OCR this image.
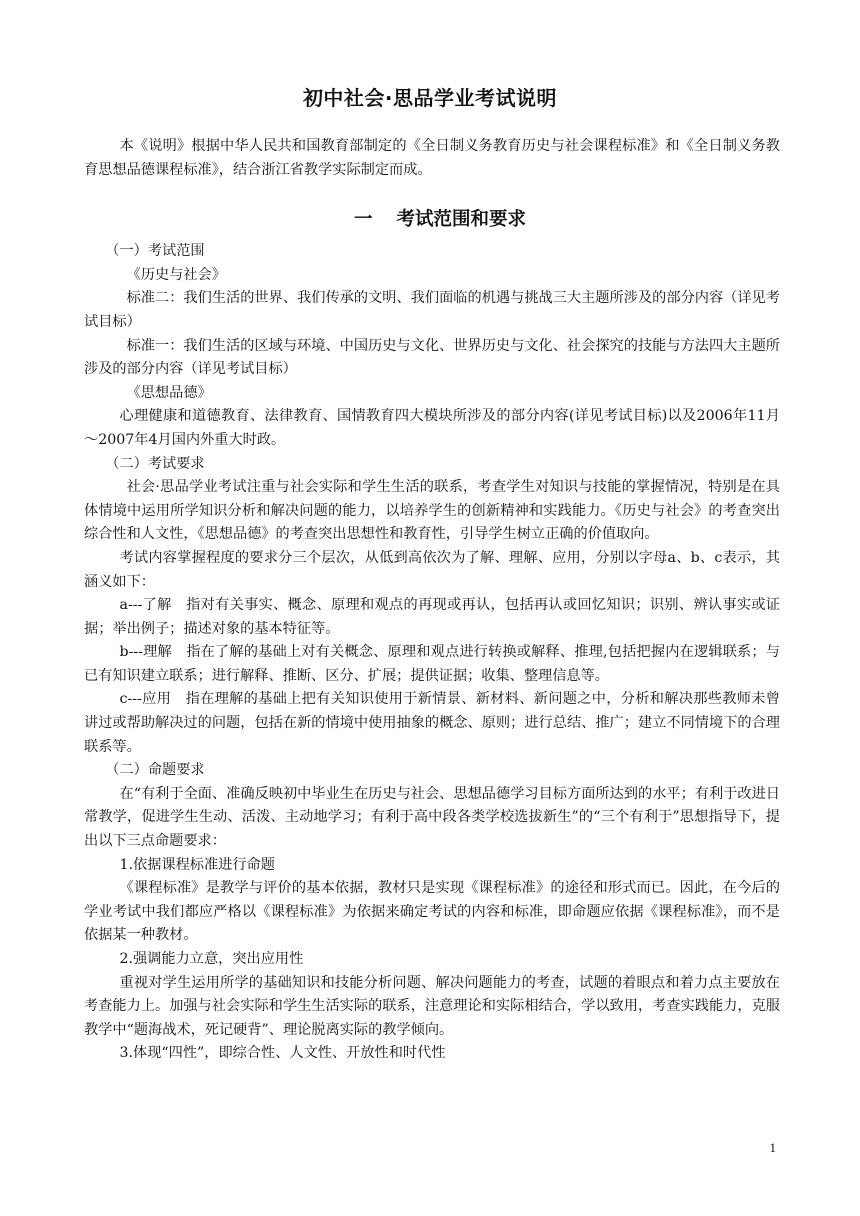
初中社会·思品学业考试说明

本《说明》根据中华人民共和国教育部制定的《全日制义务教育历史与社会课程标准》和《全日制义务教育思想品德课程标准》，结合浙江省教学实际制定而成。

一 考试范围和要求

（一）考试范围

《历史与社会》

标准二：我们生活的世界、我们传承的文明、我们面临的机遇与挑战三大主题所涉及的部分内容（详见考试目标）

标准一：我们生活的区域与环境、中国历史与文化、世界历史与文化、社会探究的技能与方法四大主题所涉及的部分内容（详见考试目标）

《思想品德》

心理健康和道德教育、法律教育、国情教育四大模块所涉及的部分内容(详见考试目标)以及2006年11月～2007年4月国内外重大时政。

（二）考试要求

社会·思品学业考试注重与社会实际和学生生活的联系，考查学生对知识与技能的掌握情况，特别是在具体情境中运用所学知识分析和解决问题的能力，以培养学生的创新精神和实践能力。《历史与社会》的考查突出综合性和人文性，《思想品德》的考查突出思想性和教育性，引导学生树立正确的价值取向。

考试内容掌握程度的要求分三个层次，从低到高依次为了解、理解、应用，分别以字母a、b、c表示，其涵义如下：

a---了解　指对有关事实、概念、原理和观点的再现或再认，包括再认或回忆知识；识别、辨认事实或证据；举出例子；描述对象的基本特征等。

b---理解　指在了解的基础上对有关概念、原理和观点进行转换或解释、推理,包括把握内在逻辑联系；与已有知识建立联系；进行解释、推断、区分、扩展；提供证据；收集、整理信息等。

c---应用　指在理解的基础上把有关知识使用于新情景、新材料、新问题之中，分析和解决那些教师未曾讲过或帮助解决过的问题，包括在新的情境中使用抽象的概念、原则；进行总结、推广；建立不同情境下的合理联系等。

（二）命题要求

在“有利于全面、准确反映初中毕业生在历史与社会、思想品德学习目标方面所达到的水平；有利于改进日常教学，促进学生生动、活泼、主动地学习；有利于高中段各类学校选拔新生”的“三个有利于”思想指导下，提出以下三点命题要求：

1.依据课程标准进行命题

《课程标准》是教学与评价的基本依据，教材只是实现《课程标准》的途径和形式而已。因此，在今后的学业考试中我们都应严格以《课程标准》为依据来确定考试的内容和标准，即命题应依据《课程标准》，而不是依据某一种教材。

2.强调能力立意，突出应用性

重视对学生运用所学的基础知识和技能分析问题、解决问题能力的考查，试题的着眼点和着力点主要放在考查能力上。加强与社会实际和学生生活实际的联系，注意理论和实际相结合，学以致用，考查实践能力，克服教学中“题海战术，死记硬背”、理论脱离实际的教学倾向。

3.体现“四性”，即综合性、人文性、开放性和时代性

1
